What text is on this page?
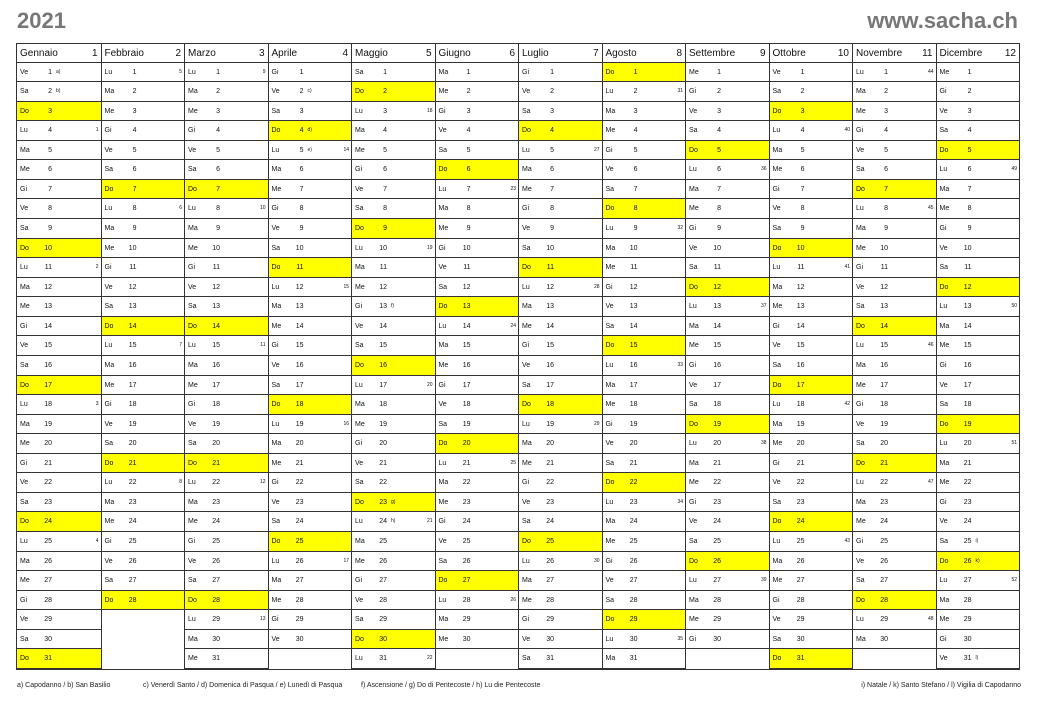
2021	www.sacha.ch
Gennaio	1
Ve	1 a)
Sa	2 b)
Do	3
Lu	4	1
Ma	5
Me	6
Gi	7
Ve	8
Sa	9
Do	10
Lu	11	2
Ma	12
Me	13
Gi	14
Ve	15
Sa	16
Do	17
Lu	18	3
Ma	19
Me	20
Gi	21
Ve	22
Sa	23
Do	24
Lu	25	4
Ma	26
Me	27
Gi	28
Ve	29
Sa	30
Do	31
Febbraio	2
Lu	1	5
Ma	2
Me	3
Gi	4
Ve	5
Sa	6
Do	7
Lu	8	6
Ma	9
Me	10
Gi	11
Ve	12
Sa	13
Do	14
Lu	15	7
Ma	16
Me	17
Gi	18
Ve	19
Sa	20
Do	21
Lu	22	8
Ma	23
Me	24
Gi	25
Ve	26
Sa	27
Do	28
Marzo	3
Lu	1	9
Ma	2
Me	3
Gi	4
Ve	5
Sa	6
Do	7
Lu	8	10
Ma	9
Me	10
Gi	11
Ve	12
Sa	13
Do	14
Lu	15	11
Ma	16
Me	17
Gi	18
Ve	19
Sa	20
Do	21
Lu	22	12
Ma	23
Me	24
Gi	25
Ve	26
Sa	27
Do	28
Lu	29	13
Ma	30
Me	31
Aprile	4
Gi	1
Ve	2 c)
Sa	3
Do	4 d)
Lu	5 e)	14
Ma	6
Me	7
Gi	8
Ve	9
Sa	10
Do	11
Lu	12	15
Ma	13
Me	14
Gi	15
Ve	16
Sa	17
Do	18
Lu	19	16
Ma	20
Me	21
Gi	22
Ve	23
Sa	24
Do	25
Lu	26	17
Ma	27
Me	28
Gi	29
Ve	30
Maggio	5
Sa	1
Do	2
Lu	3	18
Ma	4
Me	5
Gi	6
Ve	7
Sa	8
Do	9
Lu	10	19
Ma	11
Me	12
Gi	13 f)
Ve	14
Sa	15
Do	16
Lu	17	20
Ma	18
Me	19
Gi	20
Ve	21
Sa	22
Do	23 g)
Lu	24 h)	21
Ma	25
Me	26
Gi	27
Ve	28
Sa	29
Do	30
Lu	31	22
Giugno	6
Ma	1
Me	2
Gi	3
Ve	4
Sa	5
Do	6
Lu	7	23
Ma	8
Me	9
Gi	10
Ve	11
Sa	12
Do	13
Lu	14	24
Ma	15
Me	16
Gi	17
Ve	18
Sa	19
Do	20
Lu	21	25
Ma	22
Me	23
Gi	24
Ve	25
Sa	26
Do	27
Lu	28	26
Ma	29
Me	30
Luglio	7
Gi	1
Ve	2
Sa	3
Do	4
Lu	5	27
Ma	6
Me	7
Gi	8
Ve	9
Sa	10
Do	11
Lu	12	28
Ma	13
Me	14
Gi	15
Ve	16
Sa	17
Do	18
Lu	19	29
Ma	20
Me	21
Gi	22
Ve	23
Sa	24
Do	25
Lu	26	30
Ma	27
Me	28
Gi	29
Ve	30
Sa	31
Agosto	8
Do	1
Lu	2	31
Ma	3
Me	4
Gi	5
Ve	6
Sa	7
Do	8
Lu	9	32
Ma	10
Me	11
Gi	12
Ve	13
Sa	14
Do	15
Lu	16	33
Ma	17
Me	18
Gi	19
Ve	20
Sa	21
Do	22
Lu	23	34
Ma	24
Me	25
Gi	26
Ve	27
Sa	28
Do	29
Lu	30	35
Ma	31
Settembre 9
Me	1
Gi	2
Ve	3
Sa	4
Do	5
Lu	6	36
Ma	7
Me	8
Gi	9
Ve	10
Sa	11
Do	12
Lu	13	37
Ma	14
Me	15
Gi	16
Ve	17
Sa	18
Do	19
Lu	20	38
Ma	21
Me	22
Gi	23
Ve	24
Sa	25
Do	26
Lu	27	39
Ma	28
Me	29
Gi	30
Ottobre	10
Ve	1
Sa	2
Do	3
Lu	4	40
Ma	5
Me	6
Gi	7
Ve	8
Sa	9
Do	10
Lu	11	41
Ma	12
Me	13
Gi	14
Ve	15
Sa	16
Do	17
Lu	18	42
Ma	19
Me	20
Gi	21
Ve	22
Sa	23
Do	24
Lu	25	43
Ma	26
Me	27
Gi	28
Ve	29
Sa	30
Do	31
Novembre 11
Lu	1	44
Ma	2
Me	3
Gi	4
Ve	5
Sa	6
Do	7
Lu	8	45
Ma	9
Me	10
Gi	11
Ve	12
Sa	13
Do	14
Lu	15	46
Ma	16
Me	17
Gi	18
Ve	19
Sa	20
Do	21
Lu	22	47
Ma	23
Me	24
Gi	25
Ve	26
Sa	27
Do	28
Lu	29	48
Ma	30
Dicembre 12
Me	1
Gi	2
Ve	3
Sa	4
Do	5
Lu	6	49
Ma	7
Me	8
Gi	9
Ve	10
Sa	11
Do	12
Lu	13	50
Ma	14
Me	15
Gi	16
Ve	17
Sa	18
Do	19
Lu	20	51
Ma	21
Me	22
Gi	23
Ve	24
Sa	25 i)
Do	26 k)
Lu	27	52
Ma	28
Me	29
Gi	30
Ve	31 l)
a) Capodanno / b) San Basilio	c) Venerdì Santo / d) Domenica di Pasqua / e) Lunedì di Pasqua	f) Ascensione / g) Do di Pentecoste / h) Lu die Pentecoste	i) Natale / k) Santo Stefano / l) Vigilia di Capodanno
